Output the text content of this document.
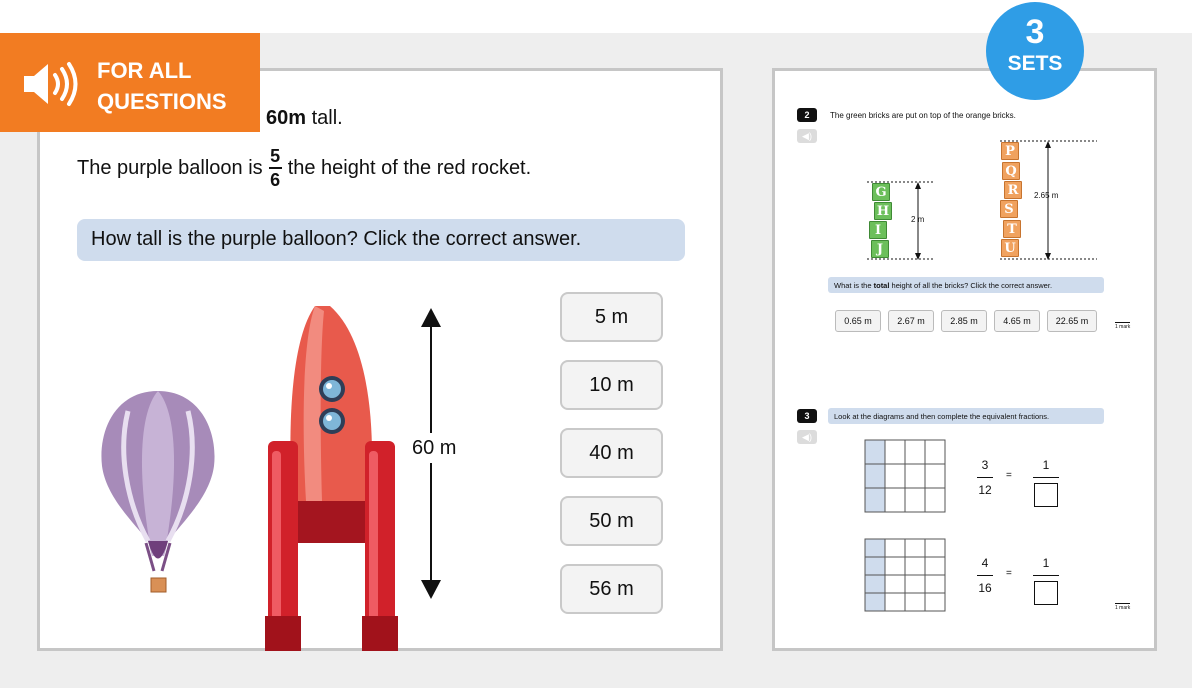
60m tall.
The purple balloon is $\frac{5}{6}$ the height of the red rocket.
How tall is the purple balloon? Click the correct answer.
60 m
5 m
10 m
40 m
50 m
56 m
2	The green bricks are put on top of the orange bricks.
◀)
G
H
I
J
2 m
P
Q
R
S
T
U
2.65 m
What is the total height of all the bricks? Click the correct answer.
0.65 m	2.67 m	2.85 m	4.65 m	22.65 m
1 mark
3	Look at the diagrams and then complete the equivalent fractions.
◀)
3
12
=
1
4
16
=
1
1 mark
FOR ALL
QUESTIONS
3
SETS
